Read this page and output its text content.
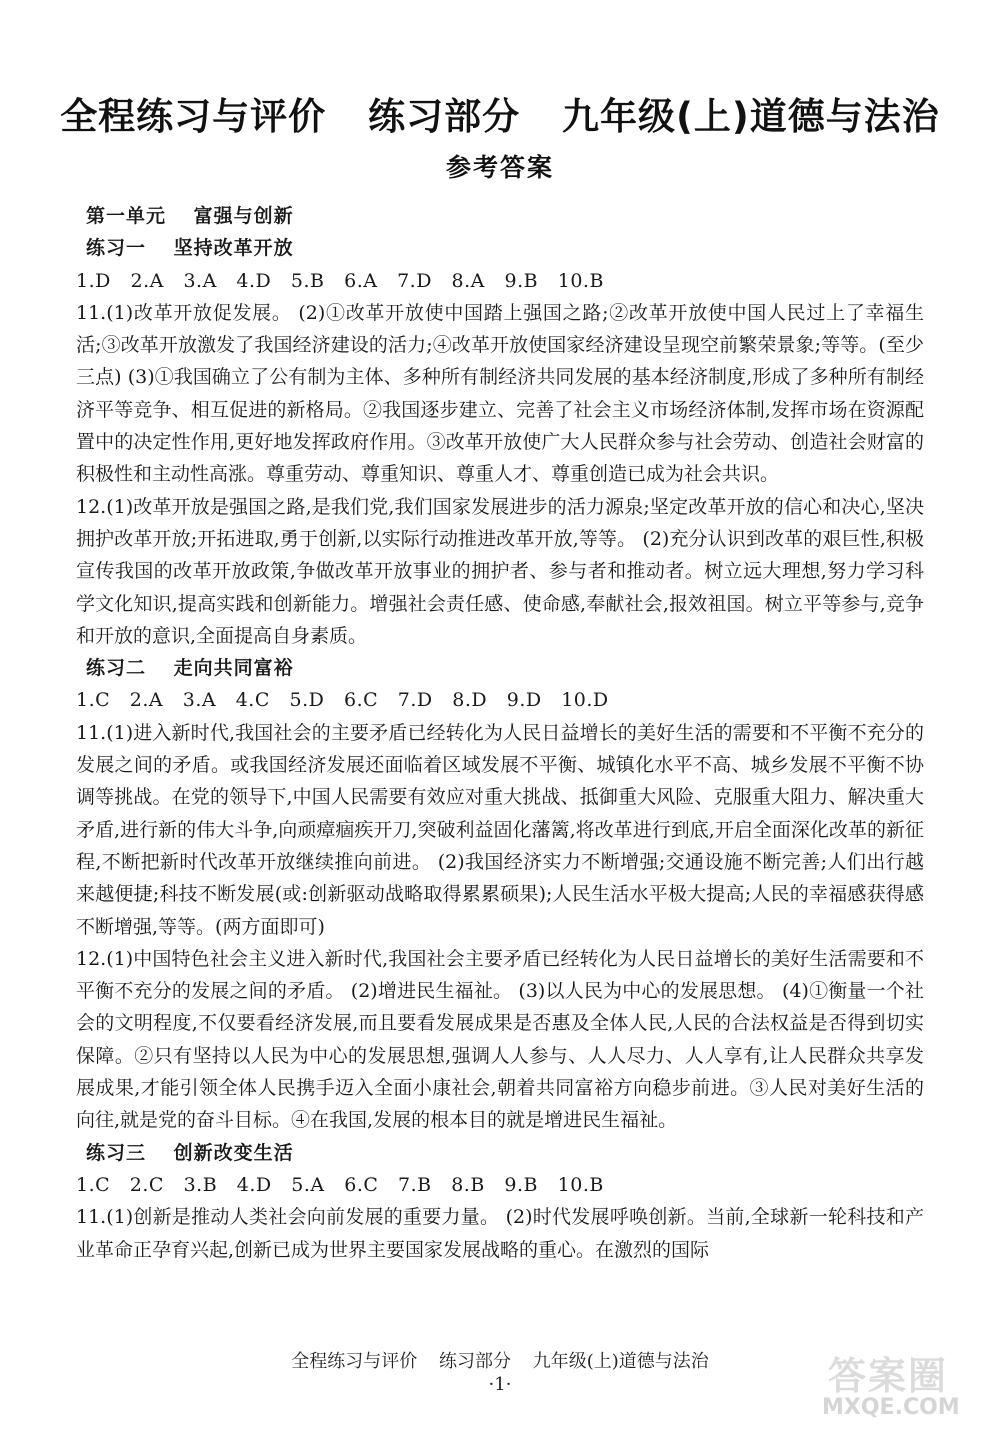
全程练习与评价 练习部分 九年级(上)道德与法治
参考答案

第一单元 富强与创新

练习一 坚持改革开放

1.D   2.A   3.A   4.D   5.B   6.A   7.D   8.A   9.B   10.B

11.(1)改革开放促发展。 (2)①改革开放使中国踏上强国之路;②改革开放使中国人民过上了幸福生活;③改革开放激发了我国经济建设的活力;④改革开放使国家经济建设呈现空前繁荣景象;等等。(至少三点) (3)①我国确立了公有制为主体、多种所有制经济共同发展的基本经济制度,形成了多种所有制经济平等竞争、相互促进的新格局。②我国逐步建立、完善了社会主义市场经济体制,发挥市场在资源配置中的决定性作用,更好地发挥政府作用。③改革开放使广大人民群众参与社会劳动、创造社会财富的积极性和主动性高涨。尊重劳动、尊重知识、尊重人才、尊重创造已成为社会共识。

12.(1)改革开放是强国之路,是我们党,我们国家发展进步的活力源泉;坚定改革开放的信心和决心,坚决拥护改革开放;开拓进取,勇于创新,以实际行动推进改革开放,等等。 (2)充分认识到改革的艰巨性,积极宣传我国的改革开放政策,争做改革开放事业的拥护者、参与者和推动者。树立远大理想,努力学习科学文化知识,提高实践和创新能力。增强社会责任感、使命感,奉献社会,报效祖国。树立平等参与,竞争和开放的意识,全面提高自身素质。

练习二 走向共同富裕

1.C   2.A   3.A   4.C   5.D   6.C   7.D   8.D   9.D   10.D

11.(1)进入新时代,我国社会的主要矛盾已经转化为人民日益增长的美好生活的需要和不平衡不充分的发展之间的矛盾。或我国经济发展还面临着区域发展不平衡、城镇化水平不高、城乡发展不平衡不协调等挑战。在党的领导下,中国人民需要有效应对重大挑战、抵御重大风险、克服重大阻力、解决重大矛盾,进行新的伟大斗争,向顽瘴痼疾开刀,突破利益固化藩篱,将改革进行到底,开启全面深化改革的新征程,不断把新时代改革开放继续推向前进。 (2)我国经济实力不断增强;交通设施不断完善;人们出行越来越便捷;科技不断发展(或:创新驱动战略取得累累硕果);人民生活水平极大提高;人民的幸福感获得感不断增强,等等。(两方面即可)

12.(1)中国特色社会主义进入新时代,我国社会主要矛盾已经转化为人民日益增长的美好生活需要和不平衡不充分的发展之间的矛盾。 (2)增进民生福祉。 (3)以人民为中心的发展思想。 (4)①衡量一个社会的文明程度,不仅要看经济发展,而且要看发展成果是否惠及全体人民,人民的合法权益是否得到切实保障。②只有坚持以人民为中心的发展思想,强调人人参与、人人尽力、人人享有,让人民群众共享发展成果,才能引领全体人民携手迈入全面小康社会,朝着共同富裕方向稳步前进。③人民对美好生活的向往,就是党的奋斗目标。④在我国,发展的根本目的就是增进民生福祉。

练习三 创新改变生活

1.C   2.C   3.B   4.D   5.A   6.C   7.B   8.B   9.B   10.B

11.(1)创新是推动人类社会向前发展的重要力量。 (2)时代发展呼唤创新。当前,全球新一轮科技和产业革命正孕育兴起,创新已成为世界主要国家发展战略的重心。在激烈的国际

全程练习与评价 练习部分 九年级(上)道德与法治
·1·	答案圈
MXQE.COM
